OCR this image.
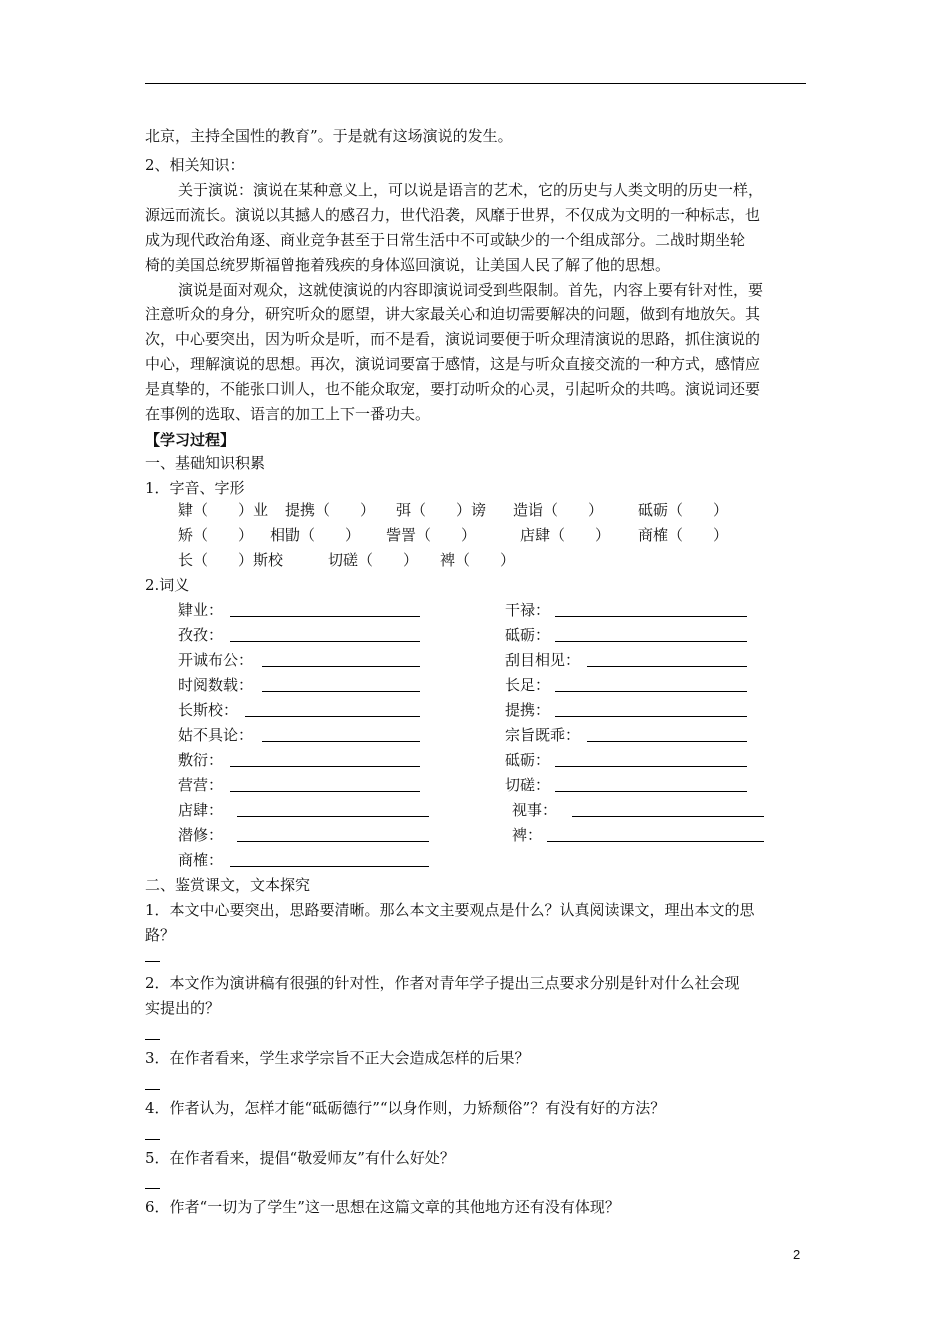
北京，主持全国性的教育”。于是就有这场演说的发生。
2、相关知识：
关于演说：演说在某种意义上，可以说是语言的艺术，它的历史与人类文明的历史一样，
源远而流长。演说以其撼人的感召力，世代沿袭，风靡于世界，不仅成为文明的一种标志，也
成为现代政治角逐、商业竞争甚至于日常生活中不可或缺少的一个组成部分。二战时期坐轮
椅的美国总统罗斯福曾拖着残疾的身体巡回演说，让美国人民了解了他的思想。
演说是面对观众，这就使演说的内容即演说词受到些限制。首先，内容上要有针对性，要
注意听众的身分，研究听众的愿望，讲大家最关心和迫切需要解决的问题，做到有地放矢。其
次，中心要突出，因为听众是听，而不是看，演说词要便于听众理清演说的思路，抓住演说的
中心，理解演说的思想。再次，演说词要富于感情，这是与听众直接交流的一种方式，感情应
是真挚的，不能张口训人，也不能众取宠，要打动听众的心灵，引起听众的共鸣。演说词还要
在事例的选取、语言的加工上下一番功夫。
【学习过程】
一、基础知识积累
1．字音、字形
肄（　　）业 提携（　　） 弭（　　）谤 造诣（　　） 砥砺（　　）
矫（　　） 相勖（　　） 訾詈（　　）	店肆（　　） 商榷（　　）
长（　　）斯校	切磋（　　） 裨（　　）
2.词义
肄业：
孜孜：
开诚布公：
时阅数载：
长斯校：
姑不具论：
敷衍：
营营：
店肆：
潜修：
商榷：
干禄：
砥砺：
刮目相见：
长足：
提携：
宗旨既乖：
砥砺：
切磋：
视事：
裨：
二、鉴赏课文，文本探究
1．本文中心要突出，思路要清晰。那么本文主要观点是什么？认真阅读课文，理出本文的思
路？
2．本文作为演讲稿有很强的针对性，作者对青年学子提出三点要求分别是针对什么社会现
实提出的？
3．在作者看来，学生求学宗旨不正大会造成怎样的后果？
4．作者认为，怎样才能“砥砺德行”“以身作则，力矫颓俗”？有没有好的方法？
5．在作者看来，提倡“敬爱师友”有什么好处？
6．作者“一切为了学生”这一思想在这篇文章的其他地方还有没有体现？
2
